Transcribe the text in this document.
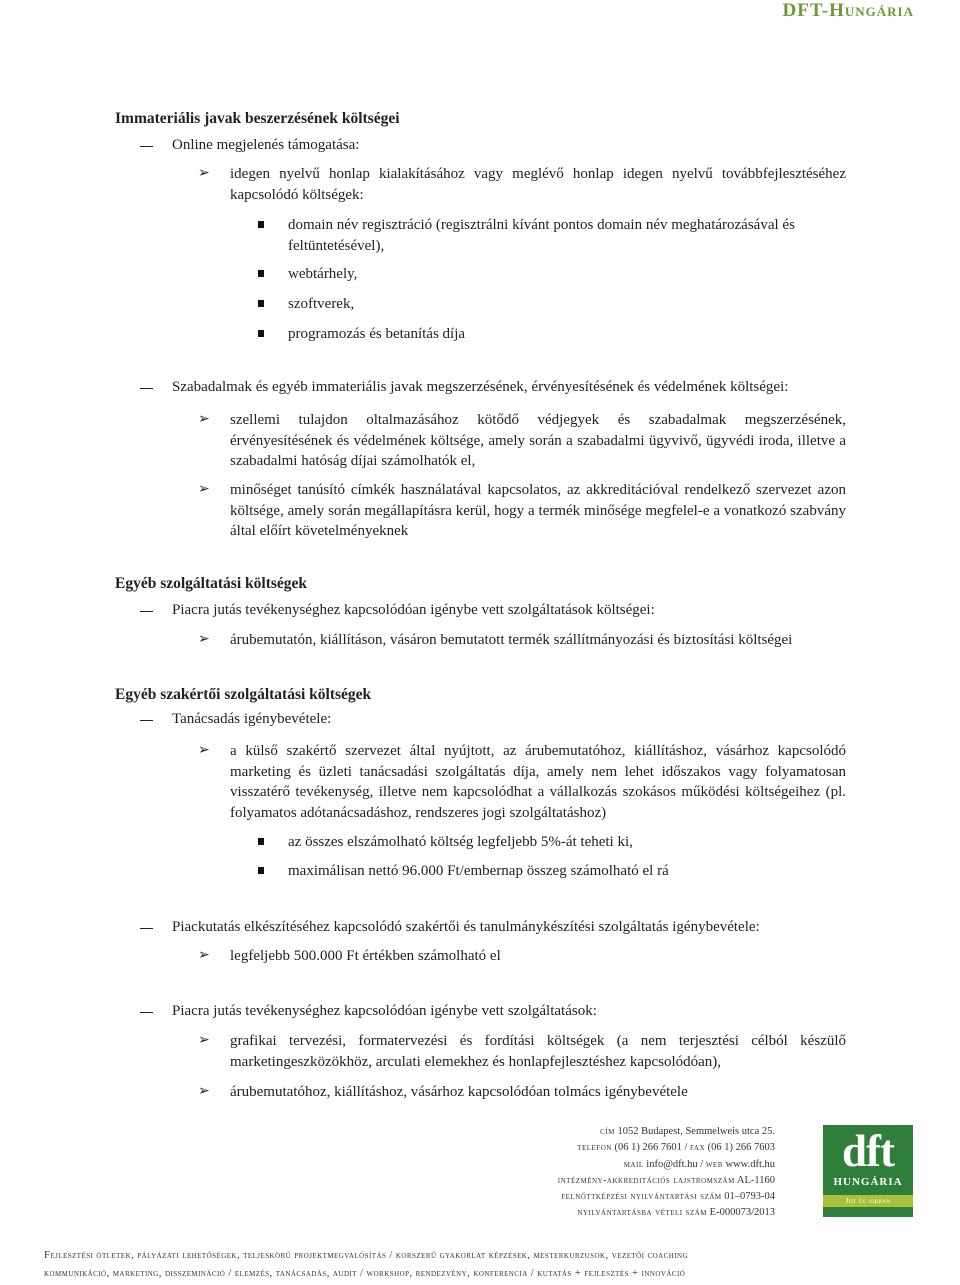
DFT-Hungária
Immateriális javak beszerzésének költségei
Online megjelenés támogatása:
➢ idegen nyelvű honlap kialakításához vagy meglévő honlap idegen nyelvű továbbfejlesztéséhez kapcsolódó költségek:
domain név regisztráció (regisztrálni kívánt pontos domain név meghatározásával és feltüntetésével),
webtárhely,
szoftverek,
programozás és betanítás díja
Szabadalmak és egyéb immateriális javak megszerzésének, érvényesítésének és védelmének költségei:
➢ szellemi tulajdon oltalmazásához kötődő védjegyek és szabadalmak megszerzésének, érvényesítésének és védelmének költsége, amely során a szabadalmi ügyvivő, ügyvédi iroda, illetve a szabadalmi hatóság díjai számolhatók el,
➢ minőséget tanúsító címkék használatával kapcsolatos, az akkreditációval rendelkező szervezet azon költsége, amely során megállapításra kerül, hogy a termék minősége megfelel-e a vonatkozó szabvány által előírt követelményeknek
Egyéb szolgáltatási költségek
Piacra jutás tevékenységhez kapcsolódóan igénybe vett szolgáltatások költségei:
➢ árubemutatón, kiállításon, vásáron bemutatott termék szállítmányozási és biztosítási költségei
Egyéb szakértői szolgáltatási költségek
Tanácsadás igénybevétele:
➢ a külső szakértő szervezet által nyújtott, az árubemutatóhoz, kiállításhoz, vásárhoz kapcsolódó marketing és üzleti tanácsadási szolgáltatás díja, amely nem lehet időszakos vagy folyamatosan visszatérő tevékenység, illetve nem kapcsolódhat a vállalkozás szokásos működési költségeihez (pl. folyamatos adótanácsadáshoz, rendszeres jogi szolgáltatáshoz)
az összes elszámolható költség legfeljebb 5%-át teheti ki,
maximálisan nettó 96.000 Ft/embernap összeg számolható el rá
Piackutatás elkészítéséhez kapcsolódó szakértői és tanulmánykészítési szolgáltatás igénybevétele:
➢ legfeljebb 500.000 Ft értékben számolható el
Piacra jutás tevékenységhez kapcsolódóan igénybe vett szolgáltatások:
➢ grafikai tervezési, formatervezési és fordítási költségek (a nem terjesztési célból készülő marketingeszközökhöz, arculati elemekhez és honlapfejlesztéshez kapcsolódóan),
➢ árubemutatóhoz, kiállításhoz, vásárhoz kapcsolódóan tolmács igénybevétele
cím 1052 Budapest, Semmelweis utca 25.
telefon (06 1) 266 7601 / fax (06 1) 266 7603
mail info@dft.hu / web www.dft.hu
intézmény-akkreditációs lajstromszám AL-1160
felnőttképzési nyilvántartási szám 01–0793-04
nyilvántartásba vételi szám E-000073/2013
dft
HUNGÁRIA
Jót és jobban
Fejlesztési ötletek, pályázati lehetőségek, teljeskörű projektmegvalósítás / korszerű gyakorlat képzések, mesterkurzusok, vezetői coaching
kommunikáció, marketing, disszemináció / elemzés, tanácsadás, audit / workshop, rendezvény, konferencia / kutatás + fejlesztés + innováció
